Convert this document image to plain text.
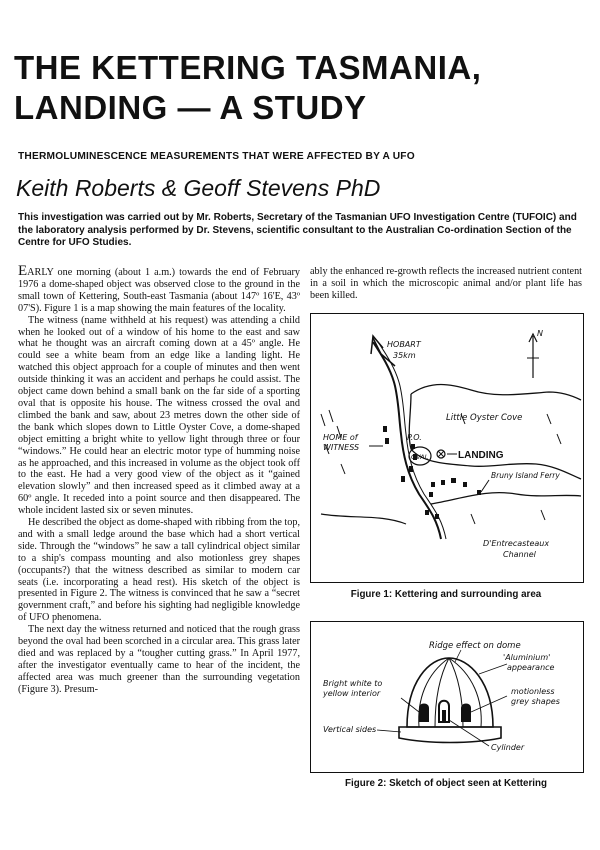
THE KETTERING TASMANIA,
LANDING — A STUDY
THERMOLUMINESCENCE MEASUREMENTS THAT WERE AFFECTED BY A UFO
Keith Roberts & Geoff Stevens PhD
This investigation was carried out by Mr. Roberts, Secretary of the Tasmanian UFO Investigation Centre (TUFOIC) and the laboratory analysis performed by Dr. Stevens, scientific consultant to the Australian Co-ordination Section of the Centre for UFO Studies.

EARLY one morning (about 1 a.m.) towards the end of February 1976 a dome-shaped object was observed close to the ground in the small town of Kettering, South-east Tasmania (about 147º 16'E, 43º 07'S). Figure 1 is a map showing the main features of the locality.

The witness (name withheld at his request) was attending a child when he looked out of a window of his home to the east and saw what he thought was an aircraft coming down at a 45º angle. He could see a white beam from an edge like a landing light. He watched this object approach for a couple of minutes and then went outside thinking it was an accident and perhaps he could assist. The object came down behind a small bank on the far side of a sporting oval that is opposite his house. The witness crossed the oval and climbed the bank and saw, about 23 metres down the other side of the bank which slopes down to Little Oyster Cove, a dome-shaped object emitting a bright white to yellow light through three or four “windows.” He could hear an electric motor type of humming noise as he approached, and this increased in volume as the object took off to the east. He had a very good view of the object as it “gained elevation slowly” and then increased speed as it climbed away at a 60º angle. It receded into a point source and then disappeared. The whole incident lasted six or seven minutes.

He described the object as dome-shaped with ribbing from the top, and with a small ledge around the base which had a short vertical side. Through the “windows” he saw a tall cylindrical object similar to a ship's compass mounting and also motionless grey shapes (occupants?) that the witness described as similar to modern car seats (i.e. incorporating a head rest). His sketch of the object is presented in Figure 2. The witness is convinced that he saw a “secret government craft,” and before his sighting had negligible knowledge of UFO phenomena.

The next day the witness returned and noticed that the rough grass beyond the oval had been scorched in a circular area. This grass later died and was replaced by a “tougher cutting grass.” In April 1977, after the investigator eventually came to hear of the incident, the affected area was much greener than the surrounding vegetation (Figure 3). Presum-

ably the enhanced re-growth reflects the increased nutrient content in a soil in which the microscopic animal and/or plant life has been killed.

HOBART
35km
N
HOME of
WITNESS
P.O.
OVAL	LANDING
Little Oyster Cove
Bruny Island Ferry
D'Entrecasteaux
Channel
Figure 1: Kettering and surrounding area
Ridge effect on dome
'Aluminium'
appearance
Bright white to
yellow interior	motionless
grey shapes
Vertical sides
Cylinder
Figure 2: Sketch of object seen at Kettering
